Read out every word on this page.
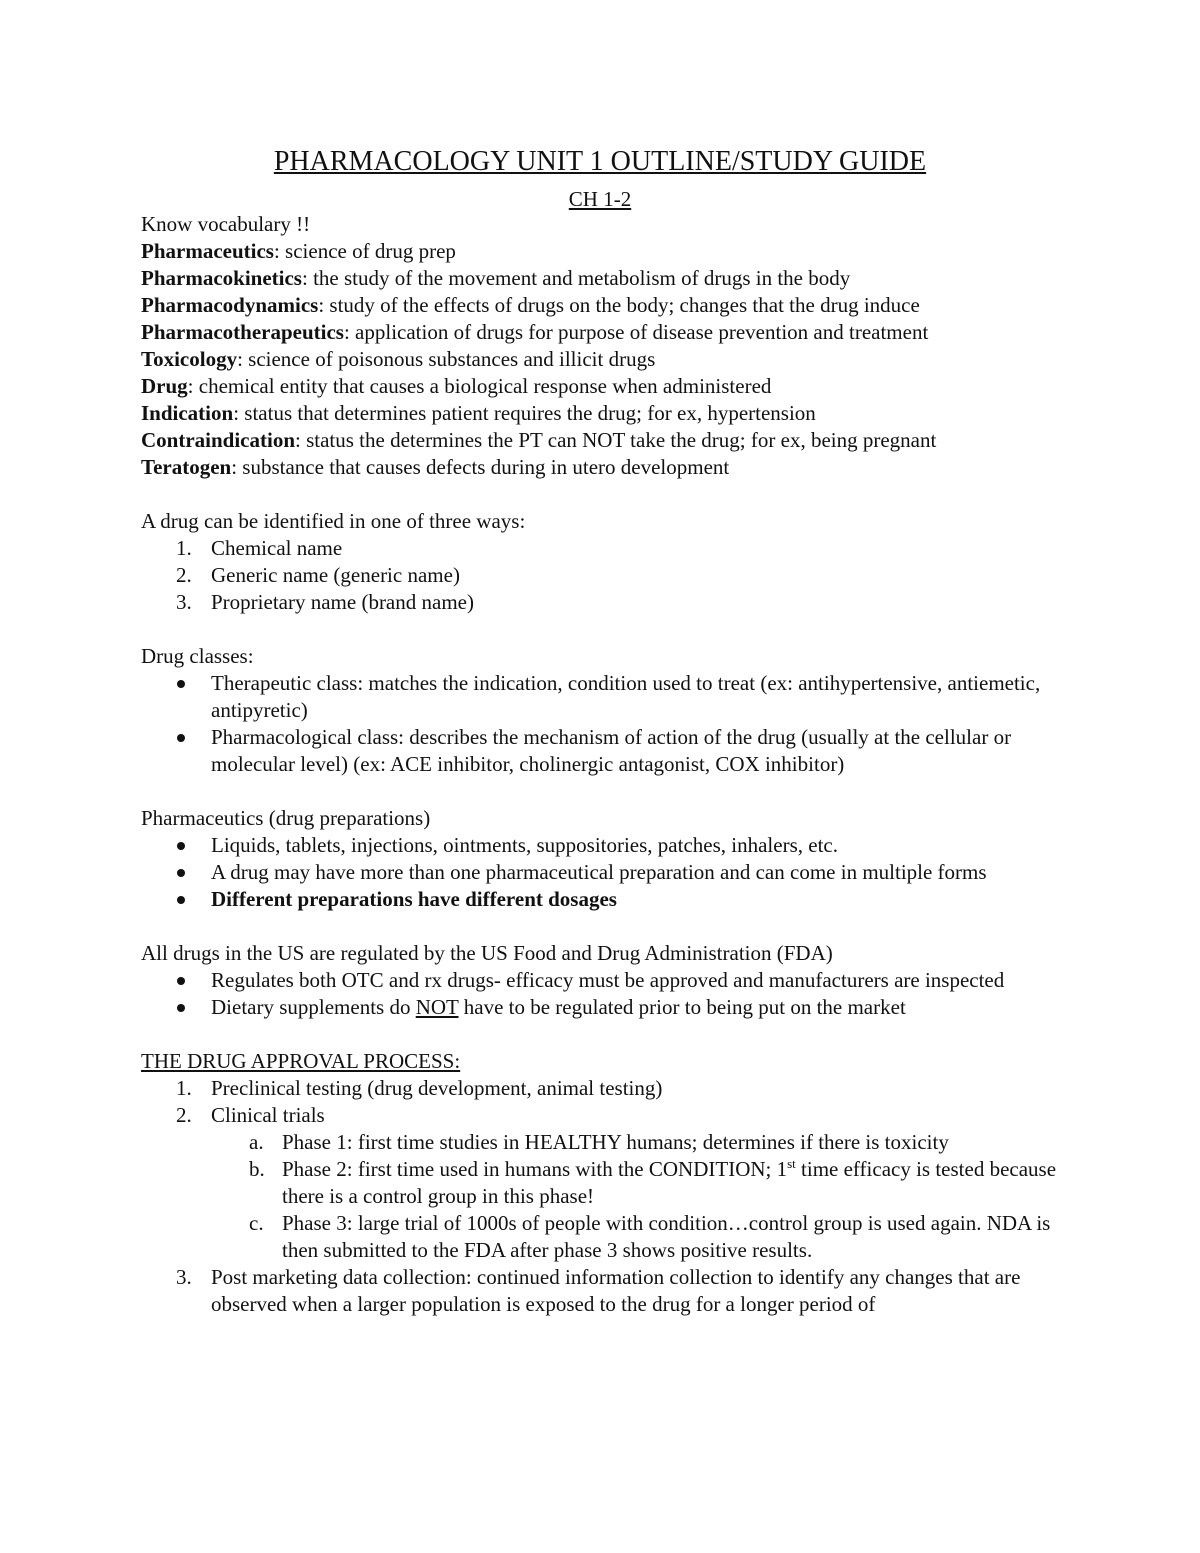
PHARMACOLOGY UNIT 1 OUTLINE/STUDY GUIDE
CH 1-2

Know vocabulary !!

Pharmaceutics: science of drug prep

Pharmacokinetics: the study of the movement and metabolism of drugs in the body

Pharmacodynamics: study of the effects of drugs on the body; changes that the drug induce

Pharmacotherapeutics: application of drugs for purpose of disease prevention and treatment

Toxicology: science of poisonous substances and illicit drugs

Drug: chemical entity that causes a biological response when administered

Indication: status that determines patient requires the drug; for ex, hypertension

Contraindication: status the determines the PT can NOT take the drug; for ex, being pregnant

Teratogen: substance that causes defects during in utero development

A drug can be identified in one of three ways:

1. Chemical name
2. Generic name (generic name)
3. Proprietary name (brand name)

Drug classes:

Therapeutic class: matches the indication, condition used to treat (ex: antihypertensive, antiemetic, antipyretic)
Pharmacological class: describes the mechanism of action of the drug (usually at the cellular or molecular level) (ex: ACE inhibitor, cholinergic antagonist, COX inhibitor)

Pharmaceutics (drug preparations)

Liquids, tablets, injections, ointments, suppositories, patches, inhalers, etc.
A drug may have more than one pharmaceutical preparation and can come in multiple forms
Different preparations have different dosages

All drugs in the US are regulated by the US Food and Drug Administration (FDA)

Regulates both OTC and rx drugs- efficacy must be approved and manufacturers are inspected
Dietary supplements do NOT have to be regulated prior to being put on the market

THE DRUG APPROVAL PROCESS:

1. Preclinical testing (drug development, animal testing)
2. Clinical trials
a. Phase 1: first time studies in HEALTHY humans; determines if there is toxicity
b. Phase 2: first time used in humans with the CONDITION; 1st time efficacy is tested because there is a control group in this phase!
c. Phase 3: large trial of 1000s of people with condition…control group is used again. NDA is then submitted to the FDA after phase 3 shows positive results.
3. Post marketing data collection: continued information collection to identify any changes that are observed when a larger population is exposed to the drug for a longer period of
